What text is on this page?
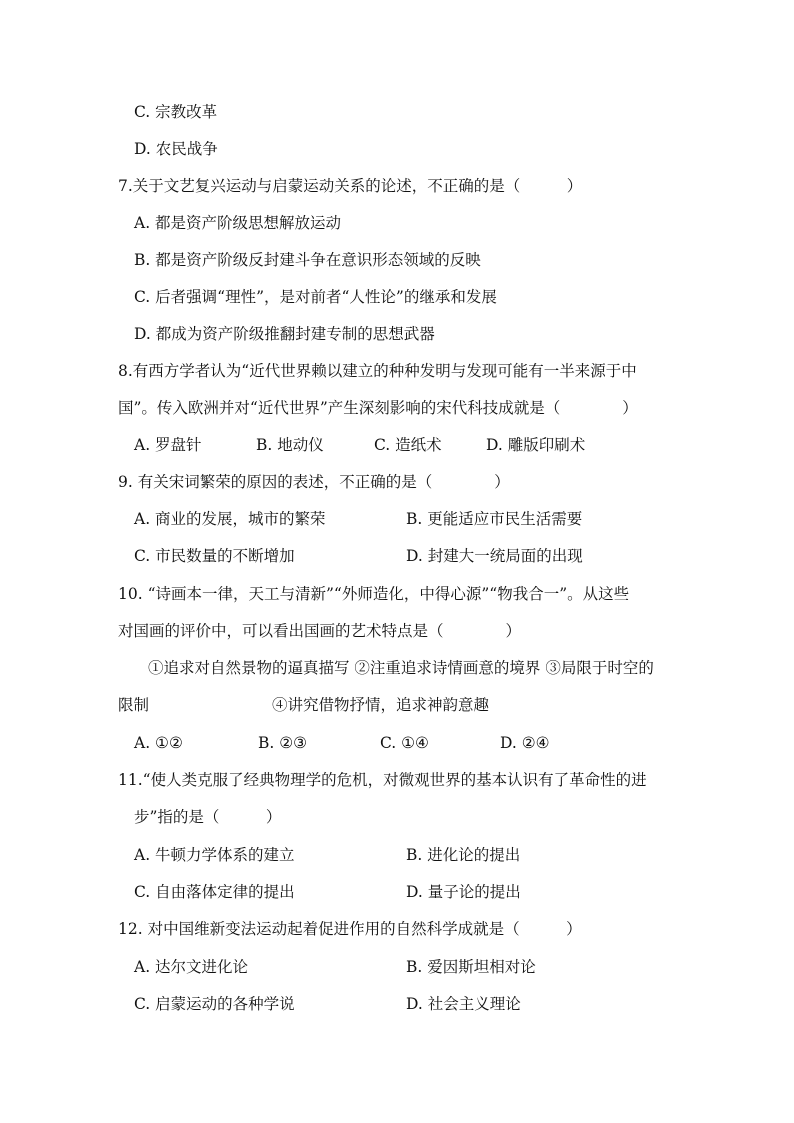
C. 宗教改革
D. 农民战争
7.关于文艺复兴运动与启蒙运动关系的论述，不正确的是（　　　）
A. 都是资产阶级思想解放运动
B. 都是资产阶级反封建斗争在意识形态领域的反映
C. 后者强调“理性”，是对前者“人性论”的继承和发展
D. 都成为资产阶级推翻封建专制的思想武器
8.有西方学者认为“近代世界赖以建立的种种发明与发现可能有一半来源于中
国”。传入欧洲并对“近代世界”产生深刻影响的宋代科技成就是（　　　　）
A. 罗盘针	B. 地动仪	C. 造纸术	D. 雕版印刷术
9. 有关宋词繁荣的原因的表述，不正确的是（　　　　）
A. 商业的发展，城市的繁荣	B. 更能适应市民生活需要
C. 市民数量的不断增加	D. 封建大一统局面的出现
10. “诗画本一律，天工与清新”“外师造化，中得心源”“物我合一”。从这些
对国画的评价中，可以看出国画的艺术特点是（　　　　）
①追求对自然景物的逼真描写 ②注重追求诗情画意的境界 ③局限于时空的
限制	④讲究借物抒情，追求神韵意趣
A. ①②	B. ②③	C. ①④	D. ②④
11.“使人类克服了经典物理学的危机，对微观世界的基本认识有了革命性的进
步”指的是（　　　）
A. 牛顿力学体系的建立	B. 进化论的提出
C. 自由落体定律的提出	D. 量子论的提出
12. 对中国维新变法运动起着促进作用的自然科学成就是（　　　）
A. 达尔文进化论	B. 爱因斯坦相对论
C. 启蒙运动的各种学说	D. 社会主义理论
